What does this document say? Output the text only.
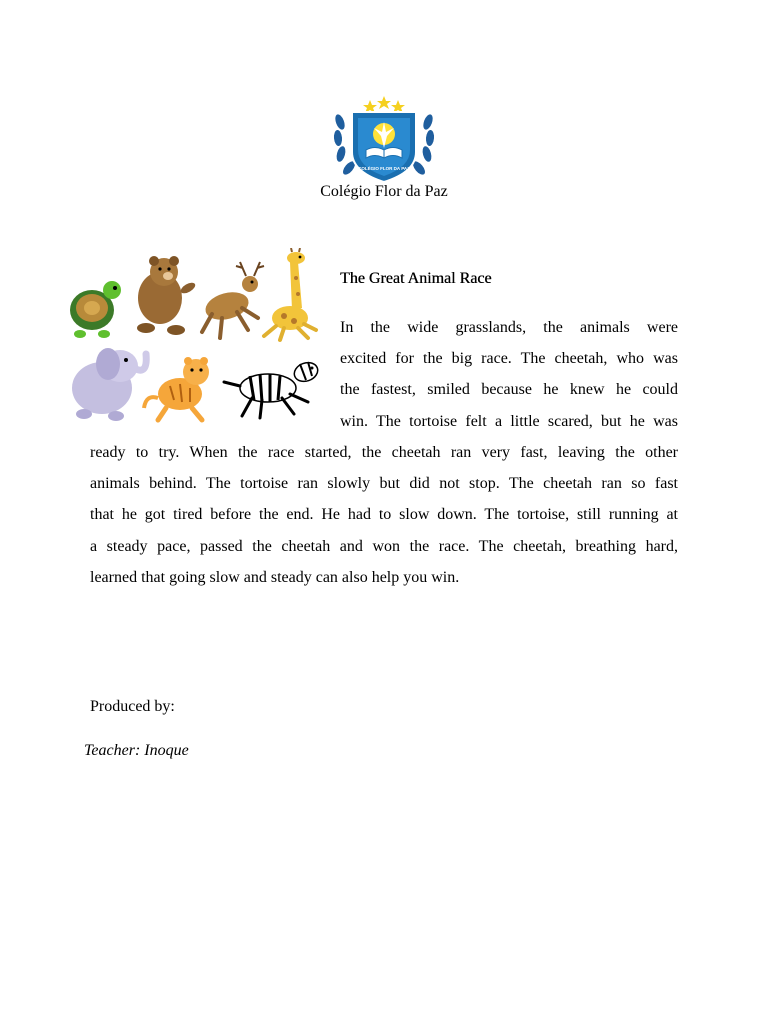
COLÉGIO FLOR DA PAZ
Colégio Flor da Paz
The Great Animal Race
In the wide grasslands, the animals were
excited for the big race. The cheetah, who was
the fastest, smiled because he knew he could
win. The tortoise felt a little scared, but he was
ready to try. When the race started, the cheetah ran very fast, leaving the other
animals behind. The tortoise ran slowly but did not stop. The cheetah ran so fast
that he got tired before the end. He had to slow down. The tortoise, still running at
a steady pace, passed the cheetah and won the race. The cheetah, breathing hard,
learned that going slow and steady can also help you win.
Produced by:
Teacher: Inoque
